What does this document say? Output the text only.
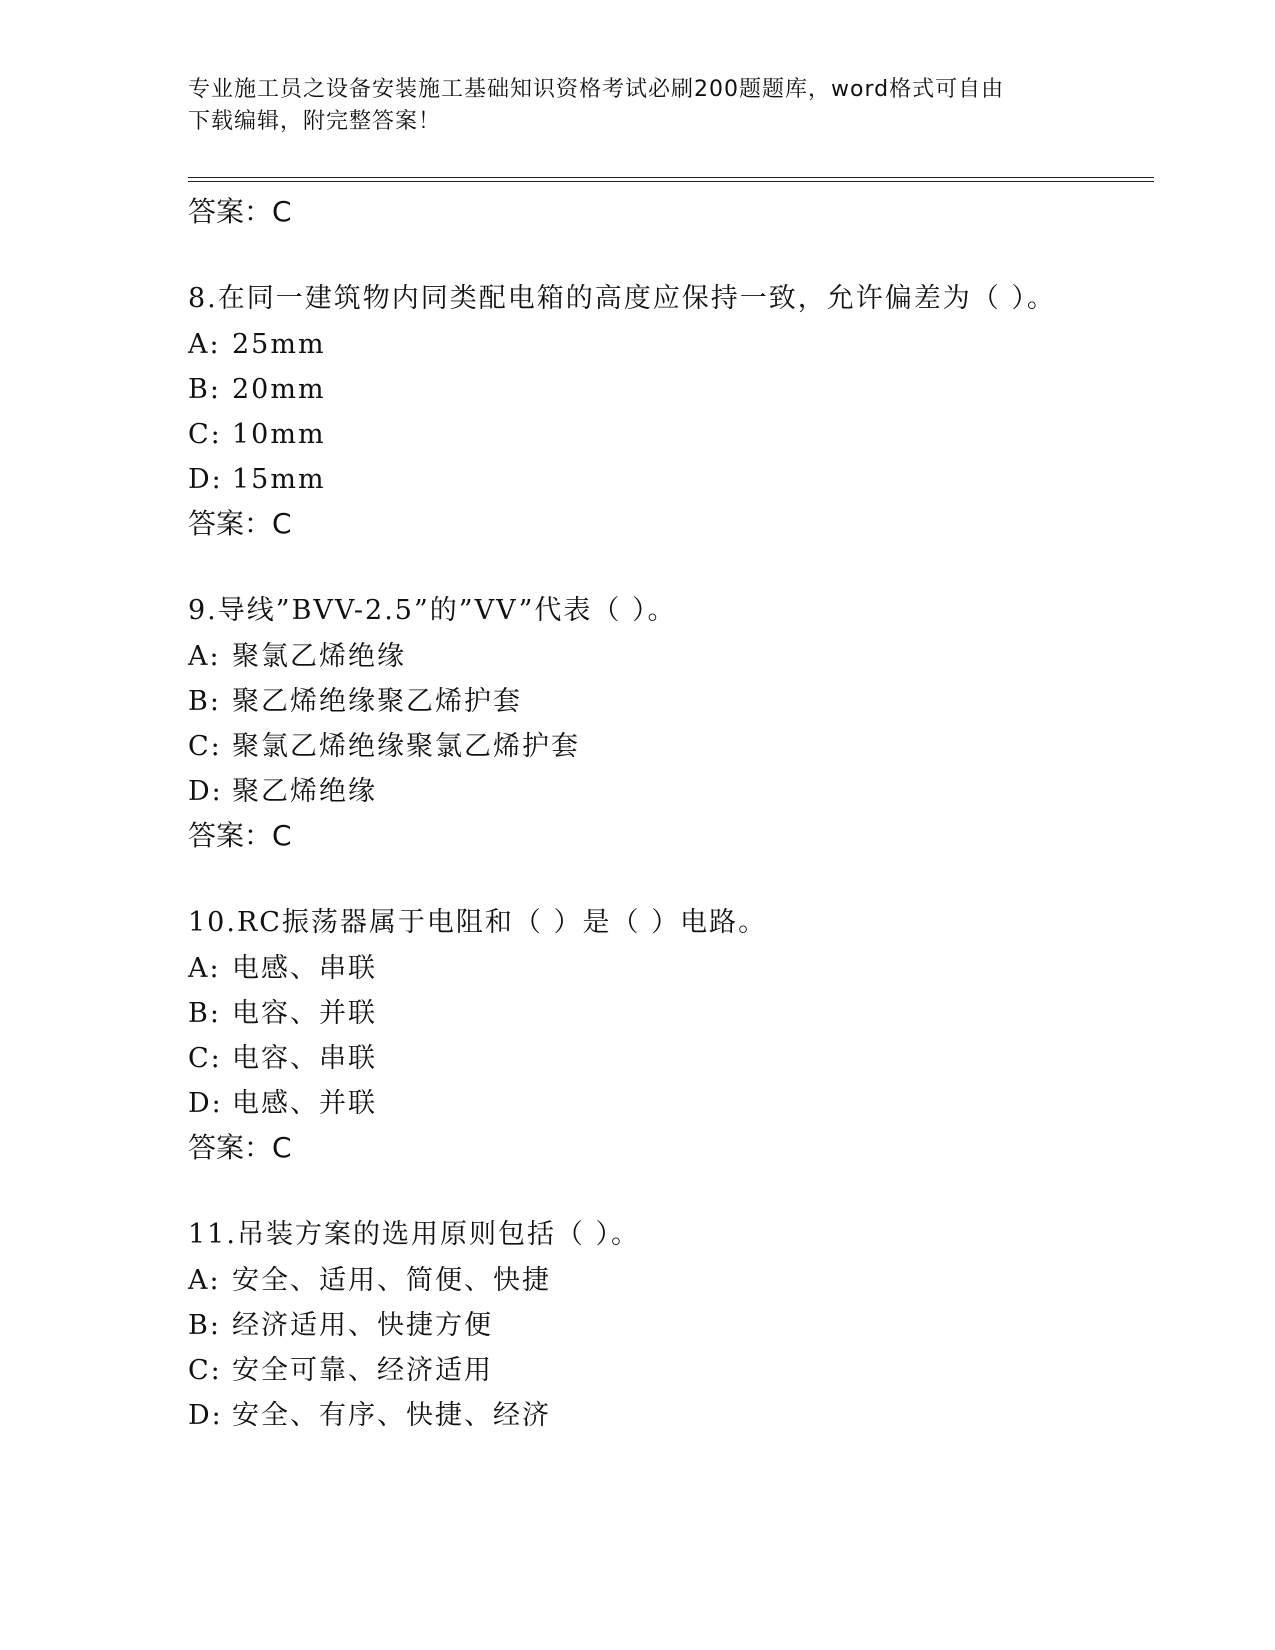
专业施工员之设备安装施工基础知识资格考试必刷200题题库，word格式可自由
下载编辑，附完整答案！
答案：C
8.在同一建筑物内同类配电箱的高度应保持一致，允许偏差为（ ）。
A: 25mm
B: 20mm
C: 10mm
D: 15mm
答案：C
9.导线”BVV-2.5”的”VV”代表（ ）。
A: 聚氯乙烯绝缘
B: 聚乙烯绝缘聚乙烯护套
C: 聚氯乙烯绝缘聚氯乙烯护套
D: 聚乙烯绝缘
答案：C
10.RC振荡器属于电阻和（ ）是（ ）电路。
A: 电感、串联
B: 电容、并联
C: 电容、串联
D: 电感、并联
答案：C
11.吊装方案的选用原则包括（ ）。
A: 安全、适用、简便、快捷
B: 经济适用、快捷方便
C: 安全可靠、经济适用
D: 安全、有序、快捷、经济
